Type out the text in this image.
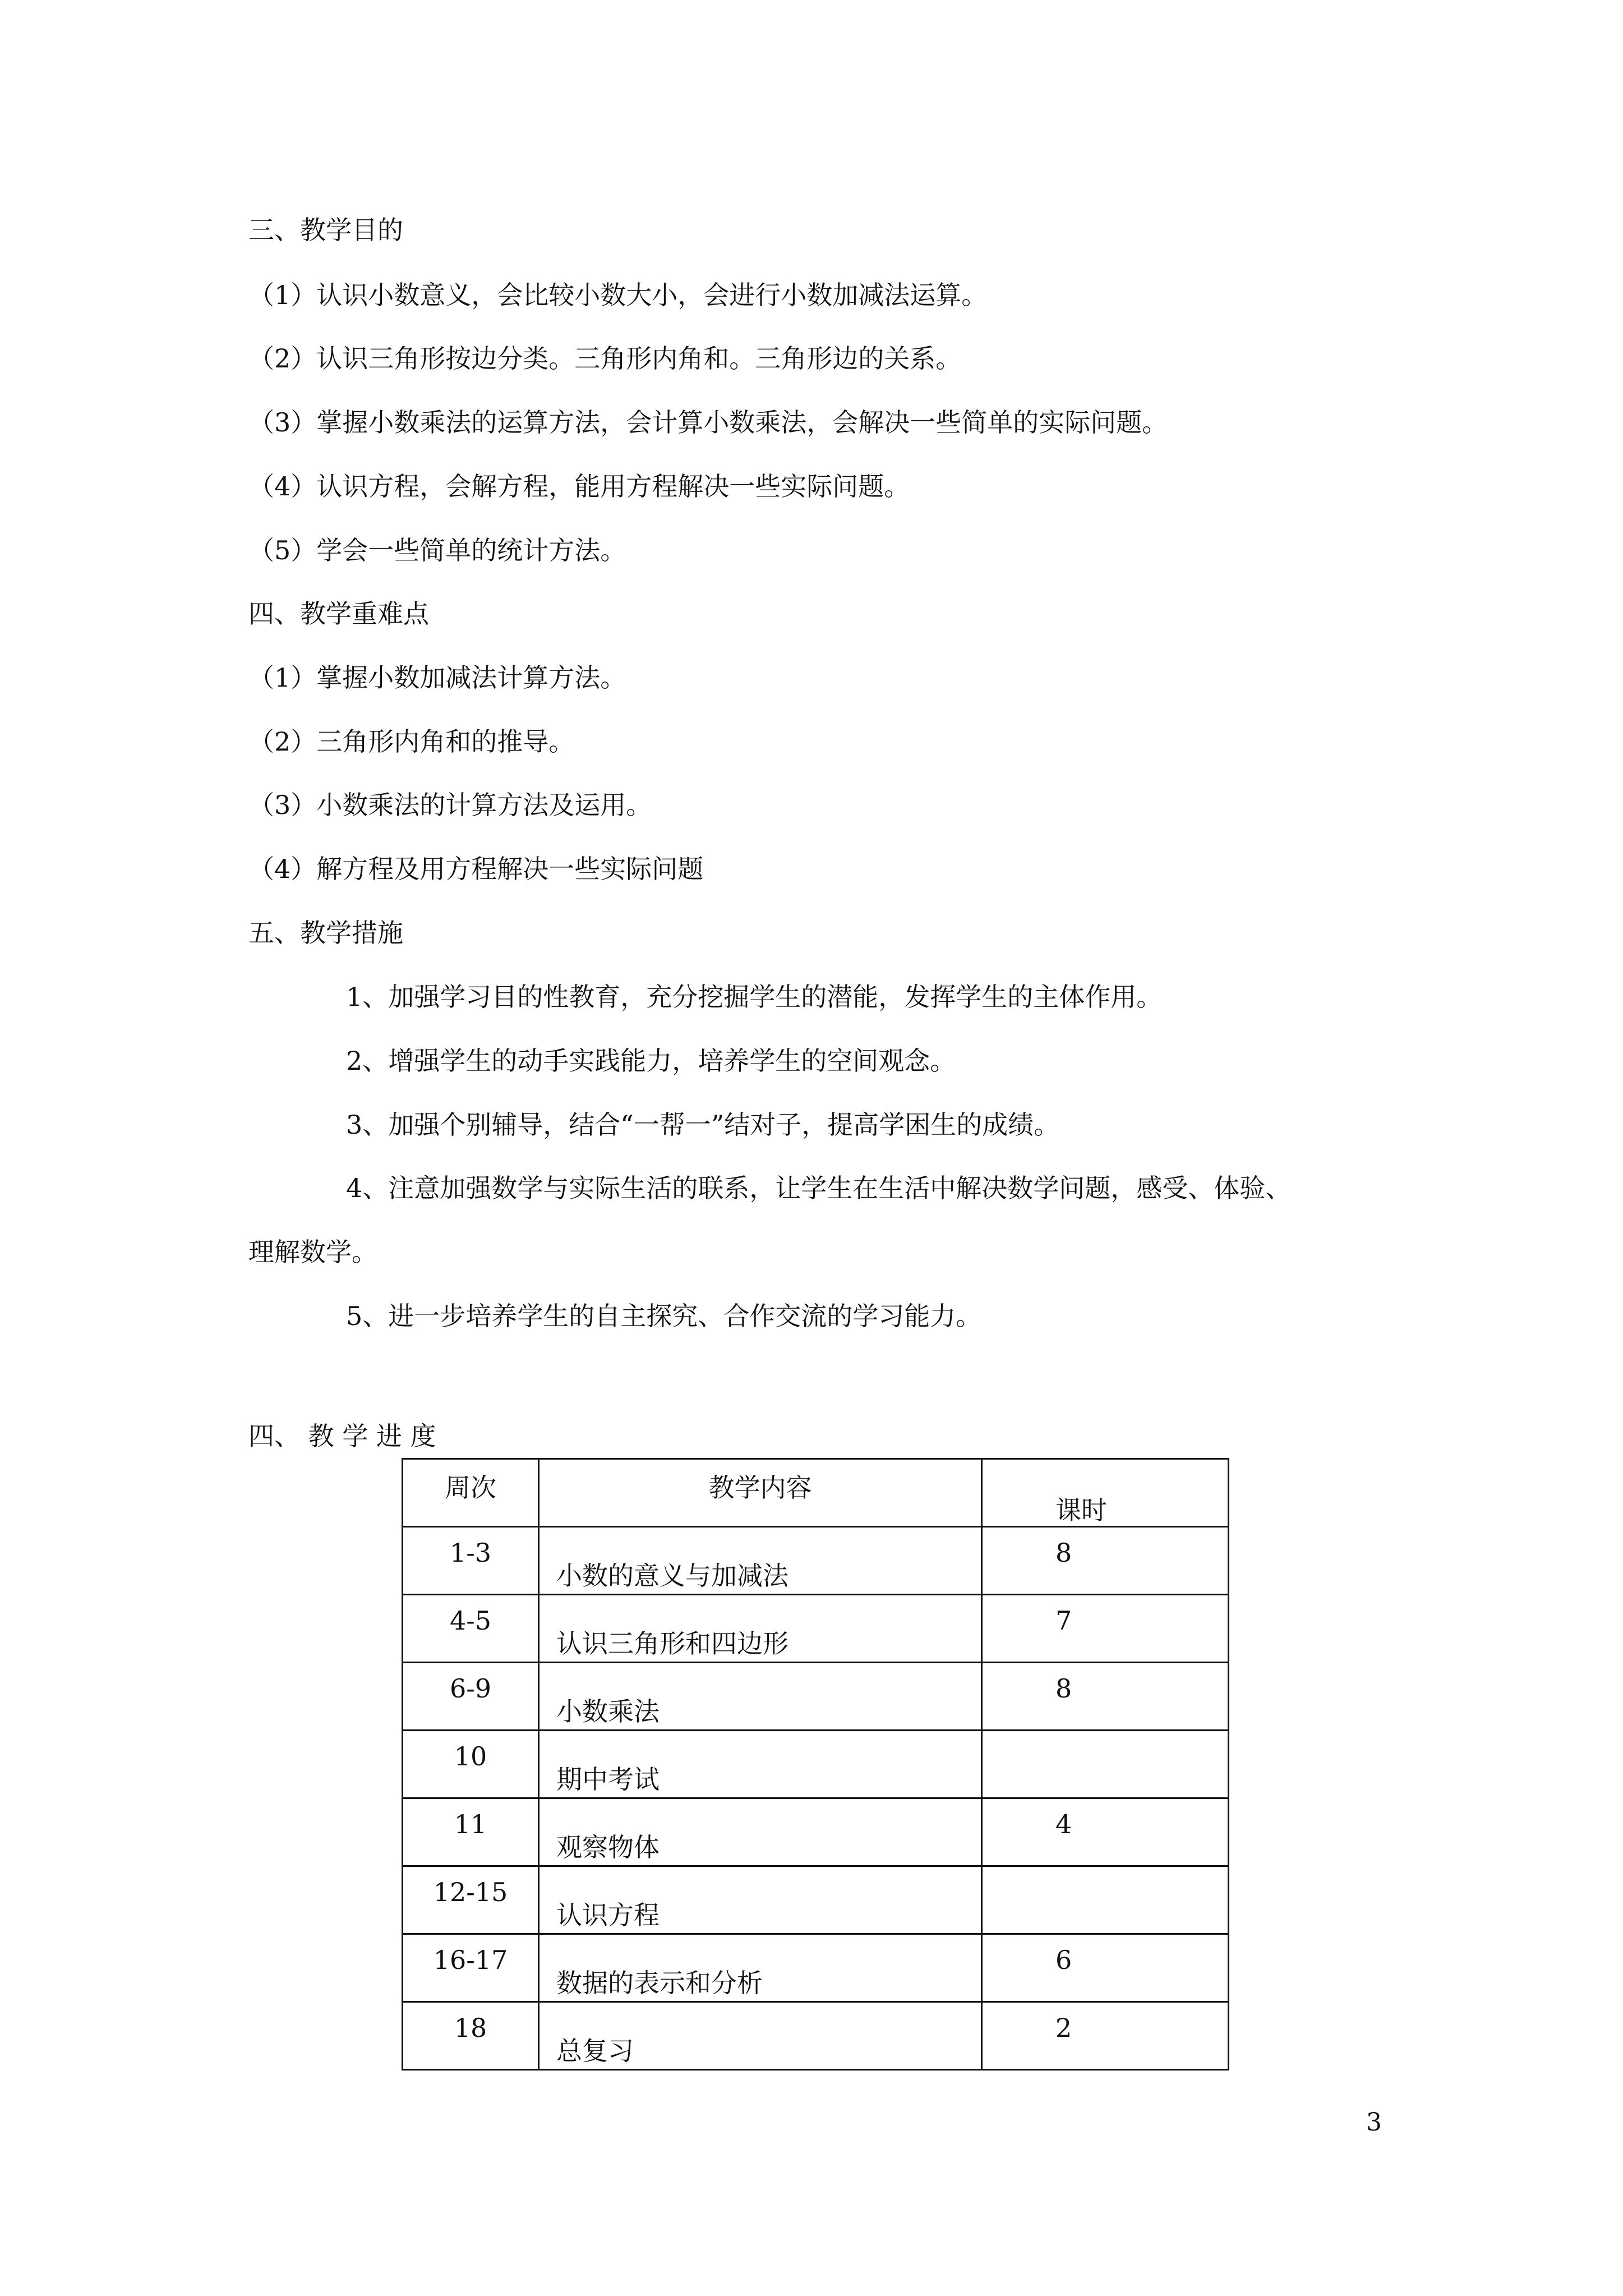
三、教学目的
（1）认识小数意义，会比较小数大小，会进行小数加减法运算。
（2）认识三角形按边分类。三角形内角和。三角形边的关系。
（3）掌握小数乘法的运算方法，会计算小数乘法，会解决一些简单的实际问题。
（4）认识方程，会解方程，能用方程解决一些实际问题。
（5）学会一些简单的统计方法。
四、教学重难点
（1）掌握小数加减法计算方法。
（2）三角形内角和的推导。
（3）小数乘法的计算方法及运用。
（4）解方程及用方程解决一些实际问题
五、教学措施
1、加强学习目的性教育，充分挖掘学生的潜能，发挥学生的主体作用。
2、增强学生的动手实践能力，培养学生的空间观念。
3、加强个别辅导，结合“一帮一”结对子，提高学困生的成绩。
4、注意加强数学与实际生活的联系，让学生在生活中解决数学问题，感受、体验、
理解数学。
5、进一步培养学生的自主探究、合作交流的学习能力。
四、 教 学 进 度
周次	教学内容	课时

1-3	小数的意义与加减法	8

4-5	认识三角形和四边形	7

6-9	小数乘法	8

10	期中考试	

11	观察物体	4

12-15	认识方程	

16-17	数据的表示和分析	6

18	总复习	2
3
